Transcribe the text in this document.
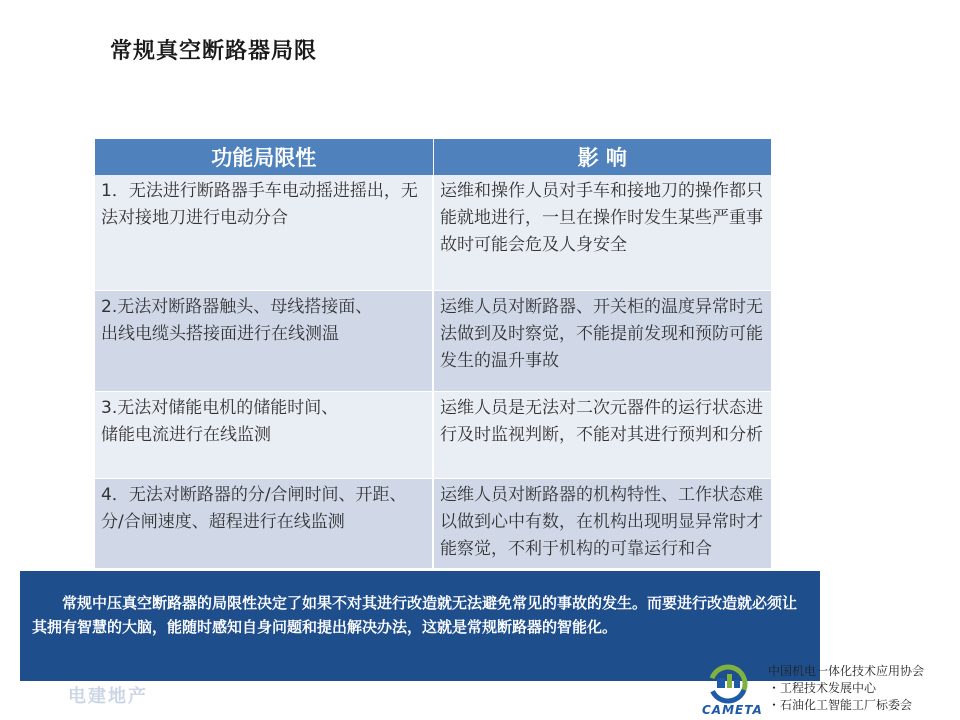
常规真空断路器局限
功能局限性	影 响
1．无法进行断路器手车电动摇进摇出，无法对接地刀进行电动分合	运维和操作人员对手车和接地刀的操作都只能就地进行，一旦在操作时发生某些严重事故时可能会危及人身安全
2.无法对断路器触头、母线搭接面、
出线电缆头搭接面进行在线测温	运维人员对断路器、开关柜的温度异常时无法做到及时察觉，不能提前发现和预防可能发生的温升事故
3.无法对储能电机的储能时间、
储能电流进行在线监测	运维人员是无法对二次元器件的运行状态进行及时监视判断，不能对其进行预判和分析
4．无法对断路器的分/合闸时间、开距、分/合闸速度、超程进行在线监测	运维人员对断路器的机构特性、工作状态难以做到心中有数，在机构出现明显异常时才能察觉，不利于机构的可靠运行和合

常规中压真空断路器的局限性决定了如果不对其进行改造就无法避免常见的事故的发生。而要进行改造就必须让其拥有智慧的大脑，能随时感知自身问题和提出解决办法，这就是常规断路器的智能化。

电建地产
CAMETA
中国机电一体化技术应用协会
・工程技术发展中心
・石油化工智能工厂标委会
